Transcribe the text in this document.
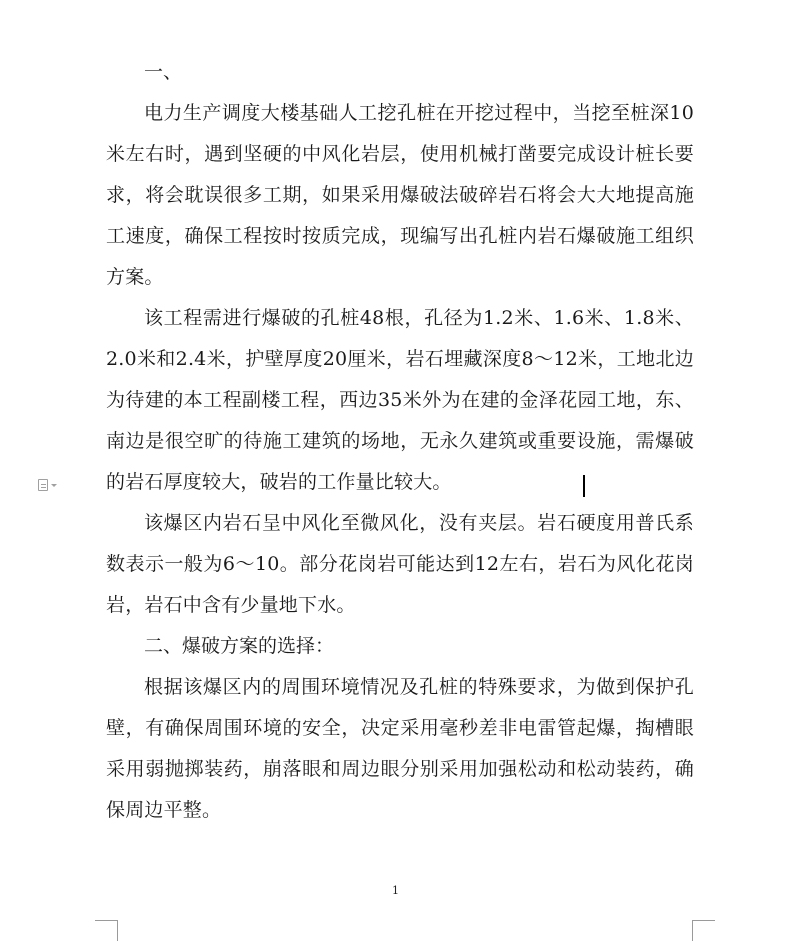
一、

电力生产调度大楼基础人工挖孔桩在开挖过程中，当挖至桩深10米左右时，遇到坚硬的中风化岩层，使用机械打凿要完成设计桩长要求，将会耽误很多工期，如果采用爆破法破碎岩石将会大大地提高施工速度，确保工程按时按质完成，现编写出孔桩内岩石爆破施工组织方案。

该工程需进行爆破的孔桩48根，孔径为1.2米、1.6米、1.8米、2.0米和2.4米，护壁厚度20厘米，岩石埋藏深度8～12米，工地北边为待建的本工程副楼工程，西边35米外为在建的金泽花园工地，东、南边是很空旷的待施工建筑的场地，无永久建筑或重要设施，需爆破的岩石厚度较大，破岩的工作量比较大。

该爆区内岩石呈中风化至微风化，没有夹层。岩石硬度用普氏系数表示一般为6～10。部分花岗岩可能达到12左右，岩石为风化花岗岩，岩石中含有少量地下水。

二、爆破方案的选择：

根据该爆区内的周围环境情况及孔桩的特殊要求，为做到保护孔壁，有确保周围环境的安全，决定采用毫秒差非电雷管起爆，掏槽眼采用弱抛掷装药，崩落眼和周边眼分别采用加强松动和松动装药，确保周边平整。

1
